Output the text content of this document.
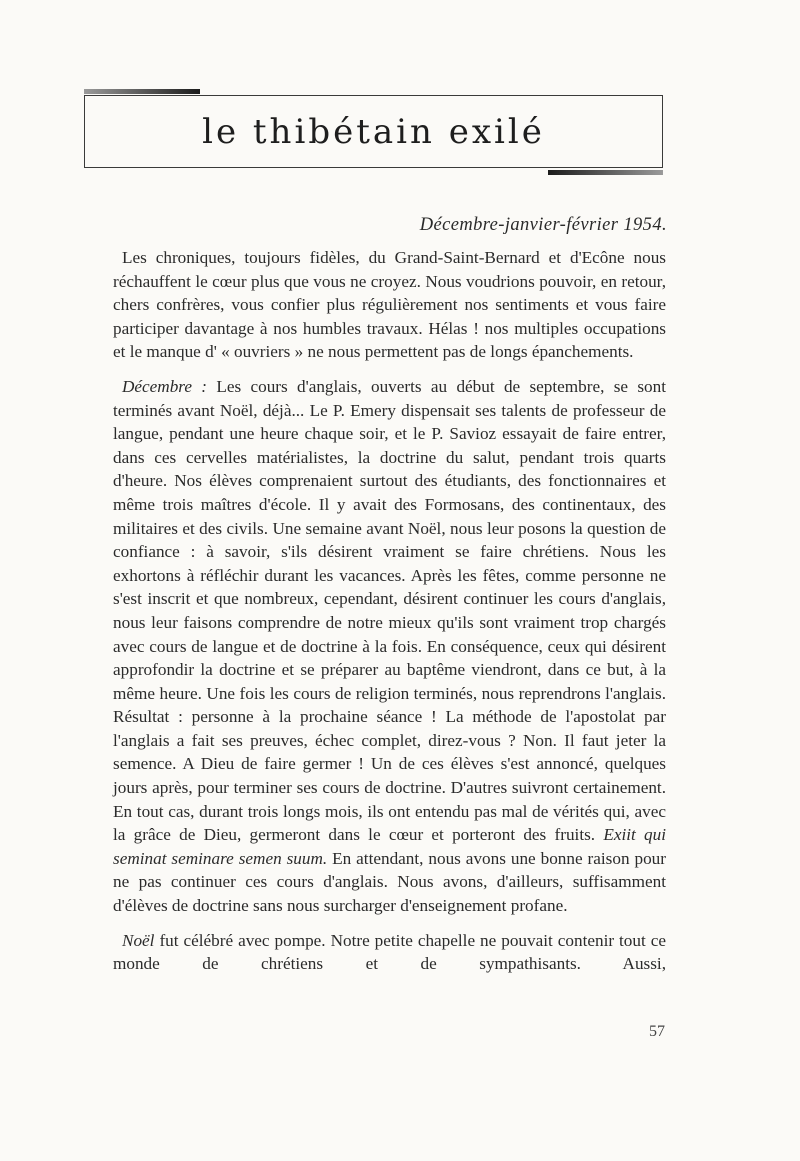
le thibétain exilé
Décembre-janvier-février 1954.

Les chroniques, toujours fidèles, du Grand-Saint-Bernard et d'Ecône nous réchauffent le cœur plus que vous ne croyez. Nous voudrions pouvoir, en retour, chers confrères, vous confier plus régulièrement nos sentiments et vous faire participer davantage à nos humbles travaux. Hélas ! nos multiples occupations et le manque d' « ouvriers » ne nous permettent pas de longs épanchements.

Décembre : Les cours d'anglais, ouverts au début de septembre, se sont terminés avant Noël, déjà... Le P. Emery dispensait ses talents de professeur de langue, pendant une heure chaque soir, et le P. Savioz essayait de faire entrer, dans ces cervelles matérialistes, la doctrine du salut, pendant trois quarts d'heure. Nos élèves comprenaient surtout des étudiants, des fonctionnaires et même trois maîtres d'école. Il y avait des Formosans, des continentaux, des militaires et des civils. Une semaine avant Noël, nous leur posons la question de confiance : à savoir, s'ils désirent vraiment se faire chrétiens. Nous les exhortons à réfléchir durant les vacances. Après les fêtes, comme personne ne s'est inscrit et que nombreux, cependant, désirent continuer les cours d'anglais, nous leur faisons comprendre de notre mieux qu'ils sont vraiment trop chargés avec cours de langue et de doctrine à la fois. En conséquence, ceux qui désirent approfondir la doctrine et se préparer au baptême viendront, dans ce but, à la même heure. Une fois les cours de religion terminés, nous reprendrons l'anglais. Résultat : personne à la prochaine séance ! La méthode de l'apostolat par l'anglais a fait ses preuves, échec complet, direz-vous ? Non. Il faut jeter la semence. A Dieu de faire germer ! Un de ces élèves s'est annoncé, quelques jours après, pour terminer ses cours de doctrine. D'autres suivront certainement. En tout cas, durant trois longs mois, ils ont entendu pas mal de vérités qui, avec la grâce de Dieu, germeront dans le cœur et porteront des fruits. Exiit qui seminat seminare semen suum. En attendant, nous avons une bonne raison pour ne pas continuer ces cours d'anglais. Nous avons, d'ailleurs, suffisamment d'élèves de doctrine sans nous surcharger d'enseignement profane.

Noël fut célébré avec pompe. Notre petite chapelle ne pouvait contenir tout ce monde de chrétiens et de sympathisants. Aussi,

57
